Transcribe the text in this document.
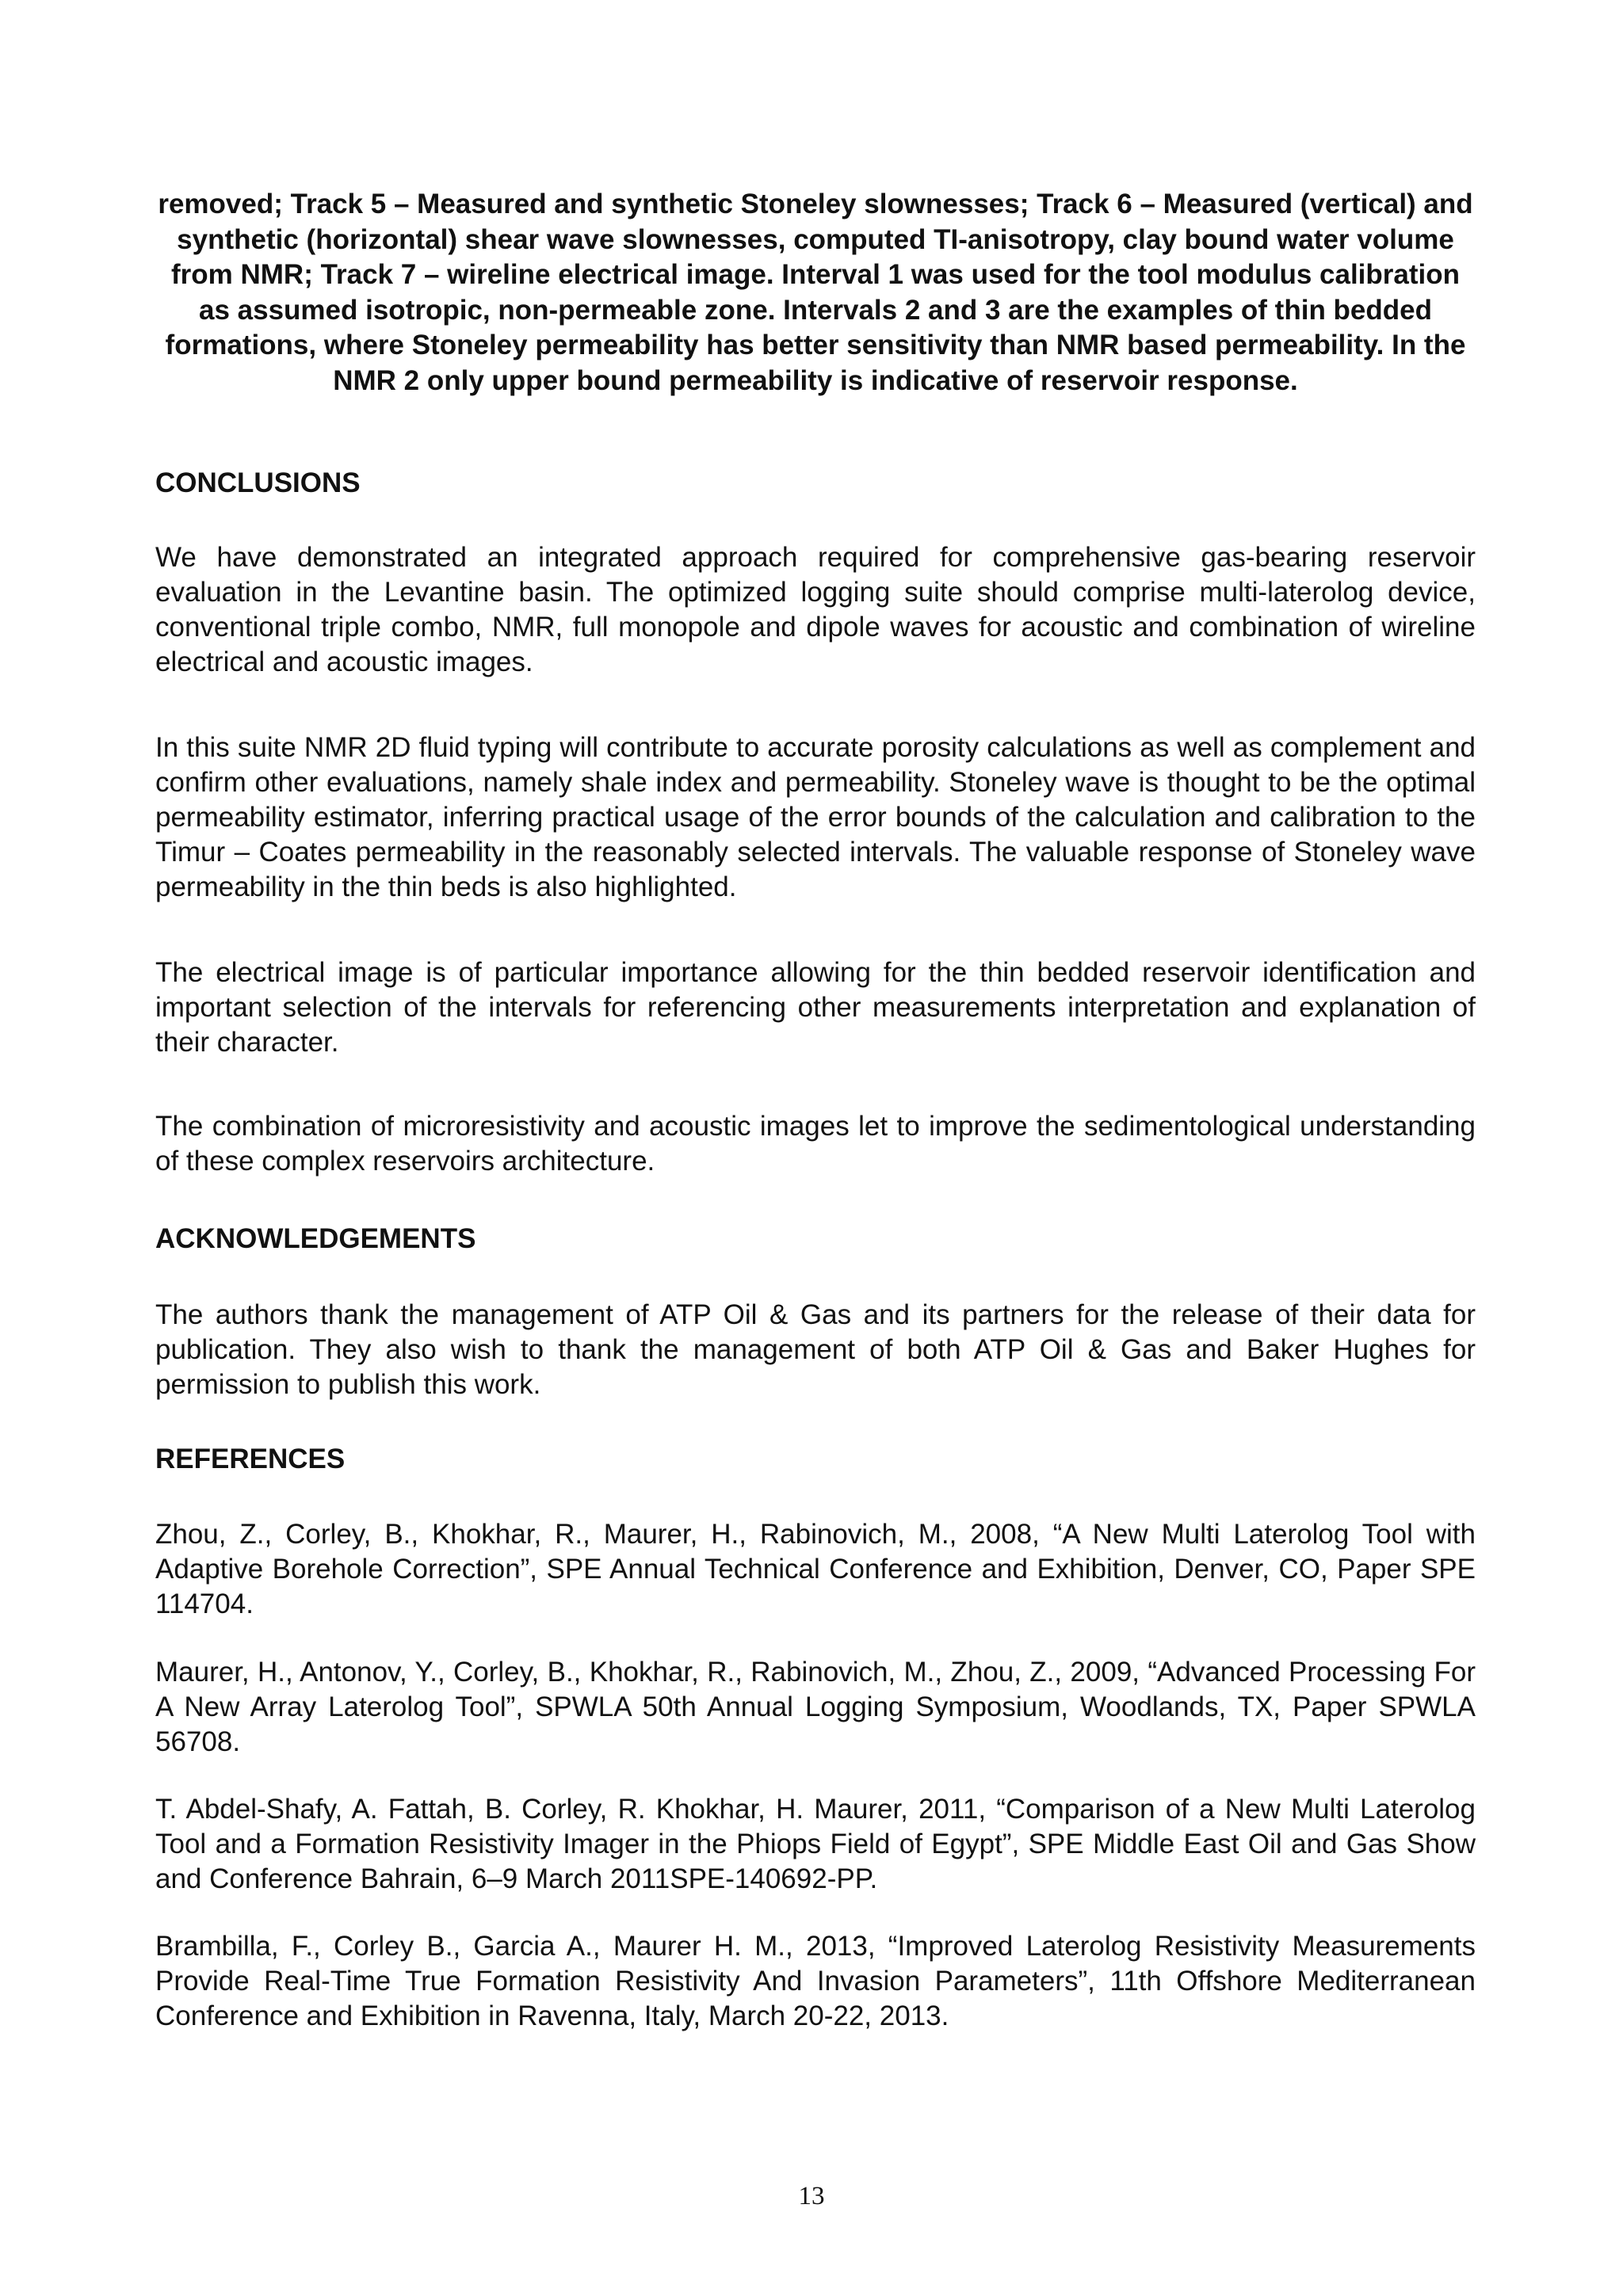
removed; Track 5 – Measured and synthetic Stoneley slownesses; Track 6 – Measured (vertical) and synthetic (horizontal) shear wave slownesses, computed TI-anisotropy, clay bound water volume from NMR; Track 7 – wireline electrical image. Interval 1 was used for the tool modulus calibration as assumed isotropic, non-permeable zone. Intervals 2 and 3 are the examples of thin bedded formations, where Stoneley permeability has better sensitivity than NMR based permeability. In the NMR 2 only upper bound permeability is indicative of reservoir response.

CONCLUSIONS

We have demonstrated an integrated approach required for comprehensive gas-bearing reservoir evaluation in the Levantine basin. The optimized logging suite should comprise multi-laterolog device, conventional triple combo, NMR, full monopole and dipole waves for acoustic and combination of wireline electrical and acoustic images.

In this suite NMR 2D fluid typing will contribute to accurate porosity calculations as well as complement and confirm other evaluations, namely shale index and permeability. Stoneley wave is thought to be the optimal permeability estimator, inferring practical usage of the error bounds of the calculation and calibration to the Timur – Coates permeability in the reasonably selected intervals. The valuable response of Stoneley wave permeability in the thin beds is also highlighted.

The electrical image is of particular importance allowing for the thin bedded reservoir identification and important selection of the intervals for referencing other measurements interpretation and explanation of their character.

The combination of microresistivity and acoustic images let to improve the sedimentological understanding of these complex reservoirs architecture.

ACKNOWLEDGEMENTS

The authors thank the management of ATP Oil & Gas and its partners for the release of their data for publication. They also wish to thank the management of both ATP Oil & Gas and Baker Hughes for permission to publish this work.

REFERENCES

Zhou, Z., Corley, B., Khokhar, R., Maurer, H., Rabinovich, M., 2008, “A New Multi Laterolog Tool with Adaptive Borehole Correction”, SPE Annual Technical Conference and Exhibition, Denver, CO, Paper SPE 114704.

Maurer, H., Antonov, Y., Corley, B., Khokhar, R., Rabinovich, M., Zhou, Z., 2009, “Advanced Processing For A New Array Laterolog Tool”, SPWLA 50th Annual Logging Symposium, Woodlands, TX, Paper SPWLA 56708.

T. Abdel-Shafy, A. Fattah, B. Corley, R. Khokhar, H. Maurer, 2011, “Comparison of a New Multi Laterolog Tool and a Formation Resistivity Imager in the Phiops Field of Egypt”, SPE Middle East Oil and Gas Show and Conference Bahrain, 6–9 March 2011SPE-140692-PP.

Brambilla, F., Corley B., Garcia A., Maurer H. M., 2013, “Improved Laterolog Resistivity Measurements Provide Real-Time True Formation Resistivity And Invasion Parameters”, 11th Offshore Mediterranean Conference and Exhibition in Ravenna, Italy, March 20-22, 2013.

13
